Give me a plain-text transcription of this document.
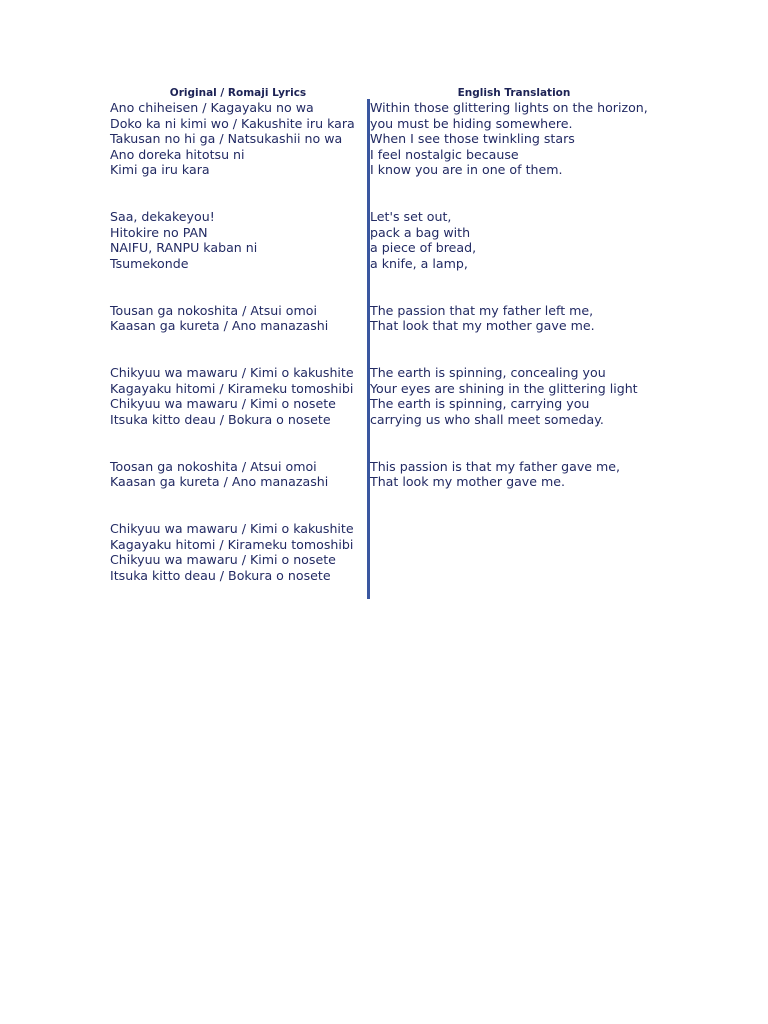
Original / Romaji Lyrics	English Translation
Ano chiheisen / Kagayaku no wa
Doko ka ni kimi wo / Kakushite iru kara
Takusan no hi ga / Natsukashii no wa
Ano doreka hitotsu ni
Kimi ga iru kara
Saa, dekakeyou!
Hitokire no PAN
NAIFU, RANPU kaban ni
Tsumekonde
Tousan ga nokoshita / Atsui omoi
Kaasan ga kureta / Ano manazashi
Chikyuu wa mawaru / Kimi o kakushite
Kagayaku hitomi / Kirameku tomoshibi
Chikyuu wa mawaru / Kimi o nosete
Itsuka kitto deau / Bokura o nosete
Toosan ga nokoshita / Atsui omoi
Kaasan ga kureta / Ano manazashi
Chikyuu wa mawaru / Kimi o kakushite
Kagayaku hitomi / Kirameku tomoshibi
Chikyuu wa mawaru / Kimi o nosete
Itsuka kitto deau / Bokura o nosete
Within those glittering lights on the horizon,
you must be hiding somewhere.
When I see those twinkling stars
I feel nostalgic because
I know you are in one of them.
Let's set out,
pack a bag with
a piece of bread,
a knife, a lamp,
The passion that my father left me,
That look that my mother gave me.
The earth is spinning, concealing you
Your eyes are shining in the glittering light
The earth is spinning, carrying you
carrying us who shall meet someday.
This passion is that my father gave me,
That look my mother gave me.
